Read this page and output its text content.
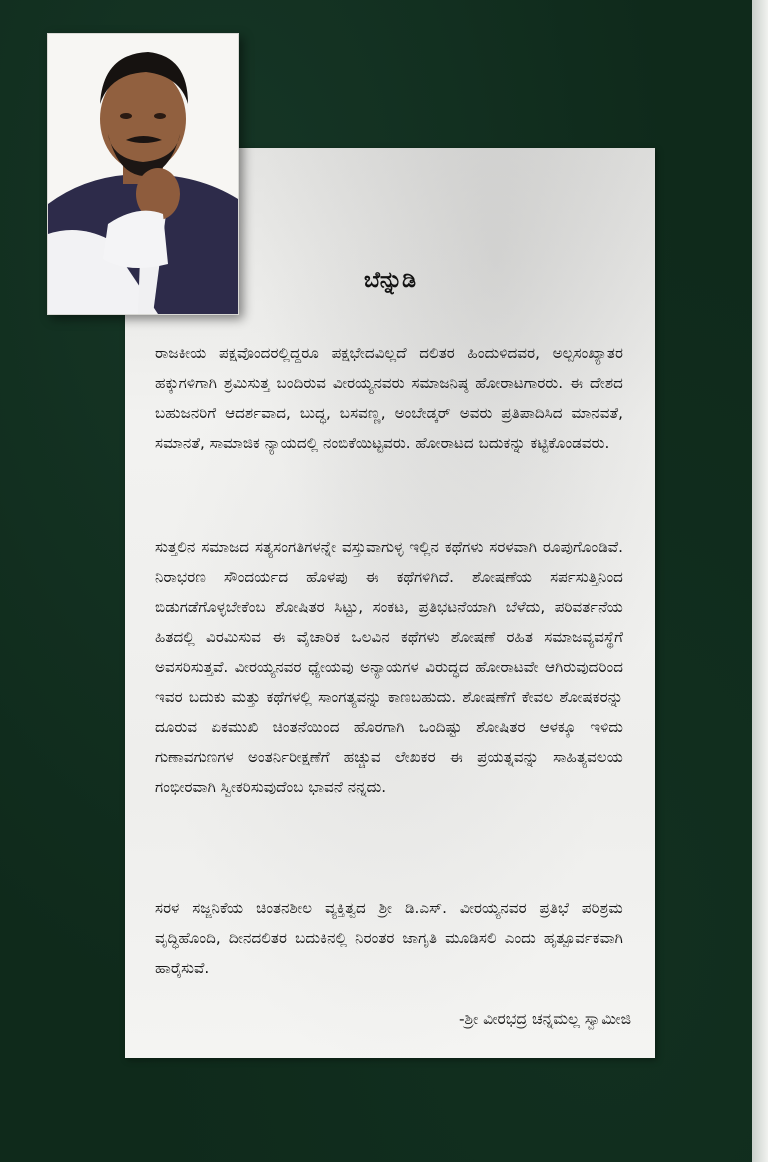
ಬೆನ್ನುಡಿ

ರಾಜಕೀಯ ಪಕ್ಷವೊಂದರಲ್ಲಿದ್ದರೂ ಪಕ್ಷಭೇದವಿಲ್ಲದೆ ದಲಿತರ ಹಿಂದುಳಿದವರ, ಅಲ್ಪಸಂಖ್ಯಾತರ ಹಕ್ಕುಗಳಿಗಾಗಿ ಶ್ರಮಿಸುತ್ತ ಬಂದಿರುವ ವೀರಯ್ಯನವರು ಸಮಾಜನಿಷ್ಠ ಹೋರಾಟಗಾರರು. ಈ ದೇಶದ ಬಹುಜನರಿಗೆ ಆದರ್ಶವಾದ, ಬುದ್ಧ, ಬಸವಣ್ಣ, ಅಂಬೇಡ್ಕರ್ ಅವರು ಪ್ರತಿಪಾದಿಸಿದ ಮಾನವತೆ, ಸಮಾನತೆ, ಸಾಮಾಜಿಕ ನ್ಯಾಯದಲ್ಲಿ ನಂಬಿಕೆಯಿಟ್ಟವರು. ಹೋರಾಟದ ಬದುಕನ್ನು ಕಟ್ಟಿಕೊಂಡವರು.

ಸುತ್ತಲಿನ ಸಮಾಜದ ಸತ್ಯಸಂಗತಿಗಳನ್ನೇ ವಸ್ತುವಾಗುಳ್ಳ ಇಲ್ಲಿನ ಕಥೆಗಳು ಸರಳವಾಗಿ ರೂಪುಗೊಂಡಿವೆ. ನಿರಾಭರಣ ಸೌಂದರ್ಯದ ಹೊಳಪು ಈ ಕಥೆಗಳಿಗಿದೆ. ಶೋಷಣೆಯ ಸರ್ಪಸುತ್ತಿನಿಂದ ಬಿಡುಗಡೆಗೊಳ್ಳಬೇಕೆಂಬ ಶೋಷಿತರ ಸಿಟ್ಟು, ಸಂಕಟ, ಪ್ರತಿಭಟನೆಯಾಗಿ ಬೆಳೆದು, ಪರಿವರ್ತನೆಯ ಹಿತದಲ್ಲಿ ವಿರಮಿಸುವ ಈ ವೈಚಾರಿಕ ಒಲವಿನ ಕಥೆಗಳು ಶೋಷಣೆ ರಹಿತ ಸಮಾಜವ್ಯವಸ್ಥೆಗೆ ಅವಸರಿಸುತ್ತವೆ. ವೀರಯ್ಯನವರ ಧ್ಯೇಯವು ಅನ್ಯಾಯಗಳ ವಿರುದ್ಧದ ಹೋರಾಟವೇ ಆಗಿರುವುದರಿಂದ ಇವರ ಬದುಕು ಮತ್ತು ಕಥೆಗಳಲ್ಲಿ ಸಾಂಗತ್ಯವನ್ನು ಕಾಣಬಹುದು. ಶೋಷಣೆಗೆ ಕೇವಲ ಶೋಷಕರನ್ನು ದೂರುವ ಏಕಮುಖಿ ಚಿಂತನೆಯಿಂದ ಹೊರಗಾಗಿ ಒಂದಿಷ್ಟು ಶೋಷಿತರ ಆಳಕ್ಕೂ ಇಳಿದು ಗುಣಾವಗುಣಗಳ ಅಂತರ್ನಿರೀಕ್ಷಣೆಗೆ ಹಚ್ಚುವ ಲೇಖಕರ ಈ ಪ್ರಯತ್ನವನ್ನು ಸಾಹಿತ್ಯವಲಯ ಗಂಭೀರವಾಗಿ ಸ್ವೀಕರಿಸುವುದೆಂಬ ಭಾವನೆ ನನ್ನದು.

ಸರಳ ಸಜ್ಜನಿಕೆಯ ಚಿಂತನಶೀಲ ವ್ಯಕ್ತಿತ್ವದ ಶ್ರೀ ಡಿ.ಎಸ್. ವೀರಯ್ಯನವರ ಪ್ರತಿಭೆ ಪರಿಶ್ರಮ ವೃದ್ಧಿಹೊಂದಿ, ದೀನದಲಿತರ ಬದುಕಿನಲ್ಲಿ ನಿರಂತರ ಜಾಗೃತಿ ಮೂಡಿಸಲಿ ಎಂದು ಹೃತ್ಪೂರ್ವಕವಾಗಿ ಹಾರೈಸುವೆ.

-ಶ್ರೀ ವೀರಭದ್ರ ಚನ್ನಮಲ್ಲ ಸ್ವಾಮೀಜಿ
